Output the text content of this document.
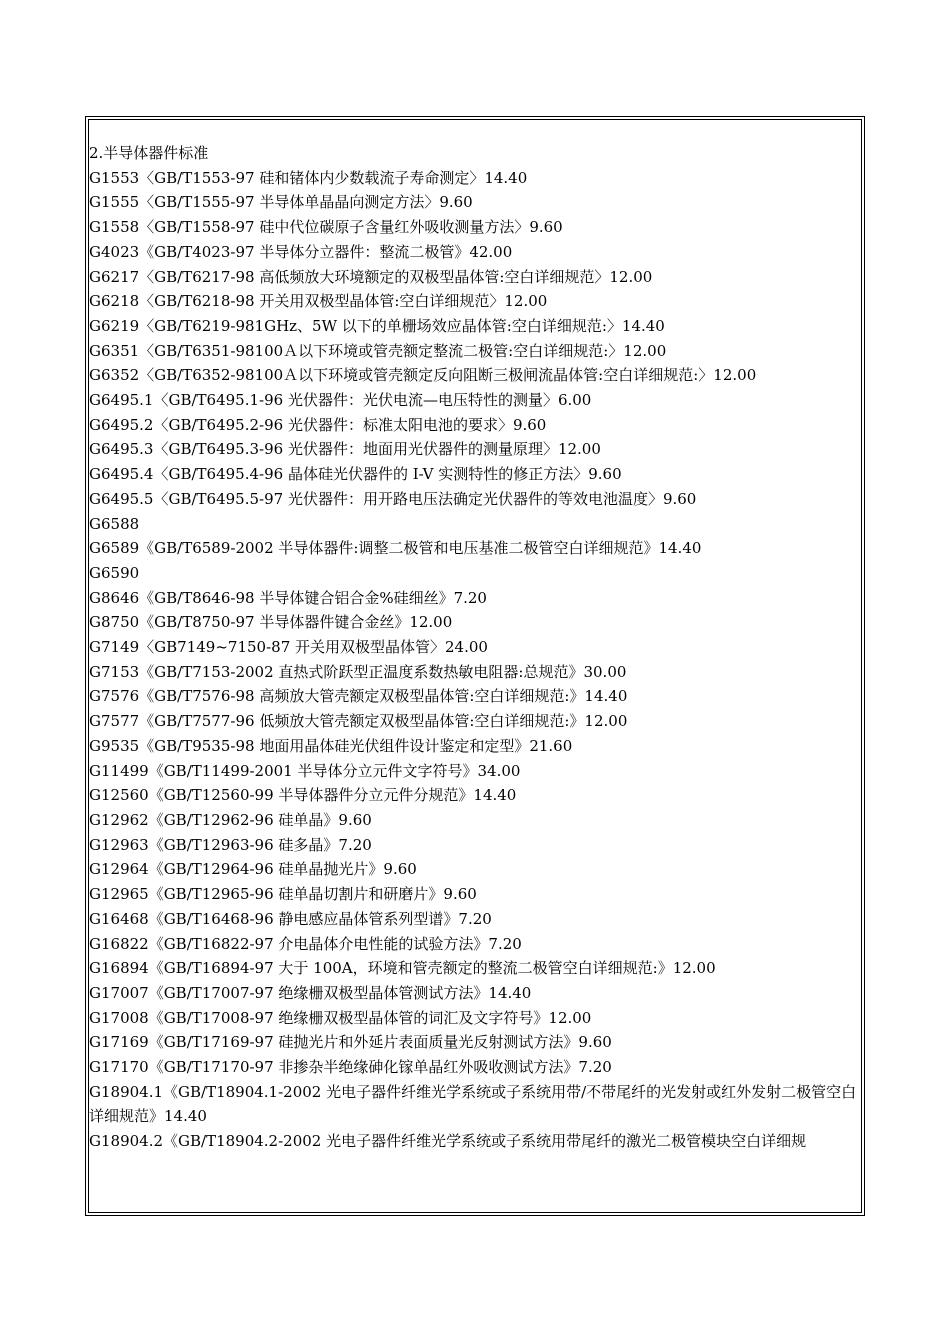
2.半导体器件标准
G1553〈GB/T1553-97 硅和锗体内少数载流子寿命测定〉14.40
G1555〈GB/T1555-97 半导体单晶晶向测定方法〉9.60
G1558〈GB/T1558-97 硅中代位碳原子含量红外吸收测量方法〉9.60
G4023《GB/T4023-97 半导体分立器件：整流二极管》42.00
G6217〈GB/T6217-98 高低频放大环境额定的双极型晶体管:空白详细规范〉12.00
G6218〈GB/T6218-98 开关用双极型晶体管:空白详细规范〉12.00
G6219〈GB/T6219-981GHz、5W 以下的单栅场效应晶体管:空白详细规范:〉14.40
G6351〈GB/T6351-98100Ａ以下环境或管壳额定整流二极管:空白详细规范:〉12.00
G6352〈GB/T6352-98100Ａ以下环境或管壳额定反向阻断三极闸流晶体管:空白详细规范:〉12.00
G6495.1〈GB/T6495.1-96 光伏器件：光伏电流—电压特性的测量〉6.00
G6495.2〈GB/T6495.2-96 光伏器件：标准太阳电池的要求〉9.60
G6495.3〈GB/T6495.3-96 光伏器件：地面用光伏器件的测量原理〉12.00
G6495.4〈GB/T6495.4-96 晶体硅光伏器件的 I-V 实测特性的修正方法〉9.60
G6495.5〈GB/T6495.5-97 光伏器件：用开路电压法确定光伏器件的等效电池温度〉9.60
G6588
G6589《GB/T6589-2002 半导体器件:调整二极管和电压基准二极管空白详细规范》14.40
G6590
G8646《GB/T8646-98 半导体键合铝合金%硅细丝》7.20
G8750《GB/T8750-97 半导体器件键合金丝》12.00
G7149〈GB7149~7150-87 开关用双极型晶体管〉24.00
G7153《GB/T7153-2002 直热式阶跃型正温度系数热敏电阻器:总规范》30.00
G7576《GB/T7576-98 高频放大管壳额定双极型晶体管:空白详细规范:》14.40
G7577《GB/T7577-96 低频放大管壳额定双极型晶体管:空白详细规范:》12.00
G9535《GB/T9535-98 地面用晶体硅光伏组件设计鉴定和定型》21.60
G11499《GB/T11499-2001 半导体分立元件文字符号》34.00
G12560《GB/T12560-99 半导体器件分立元件分规范》14.40
G12962《GB/T12962-96 硅单晶》9.60
G12963《GB/T12963-96 硅多晶》7.20
G12964《GB/T12964-96 硅单晶抛光片》9.60
G12965《GB/T12965-96 硅单晶切割片和研磨片》9.60
G16468《GB/T16468-96 静电感应晶体管系列型谱》7.20
G16822《GB/T16822-97 介电晶体介电性能的试验方法》7.20
G16894《GB/T16894-97 大于 100A，环境和管壳额定的整流二极管空白详细规范:》12.00
G17007《GB/T17007-97 绝缘栅双极型晶体管测试方法》14.40
G17008《GB/T17008-97 绝缘栅双极型晶体管的词汇及文字符号》12.00
G17169《GB/T17169-97 硅抛光片和外延片表面质量光反射测试方法》9.60
G17170《GB/T17170-97 非掺杂半绝缘砷化镓单晶红外吸收测试方法》7.20
G18904.1《GB/T18904.1-2002 光电子器件纤维光学系统或子系统用带/不带尾纤的光发射或红外发射二极管空白详细规范》14.40
G18904.2《GB/T18904.2-2002 光电子器件纤维光学系统或子系统用带尾纤的激光二极管模块空白详细规
